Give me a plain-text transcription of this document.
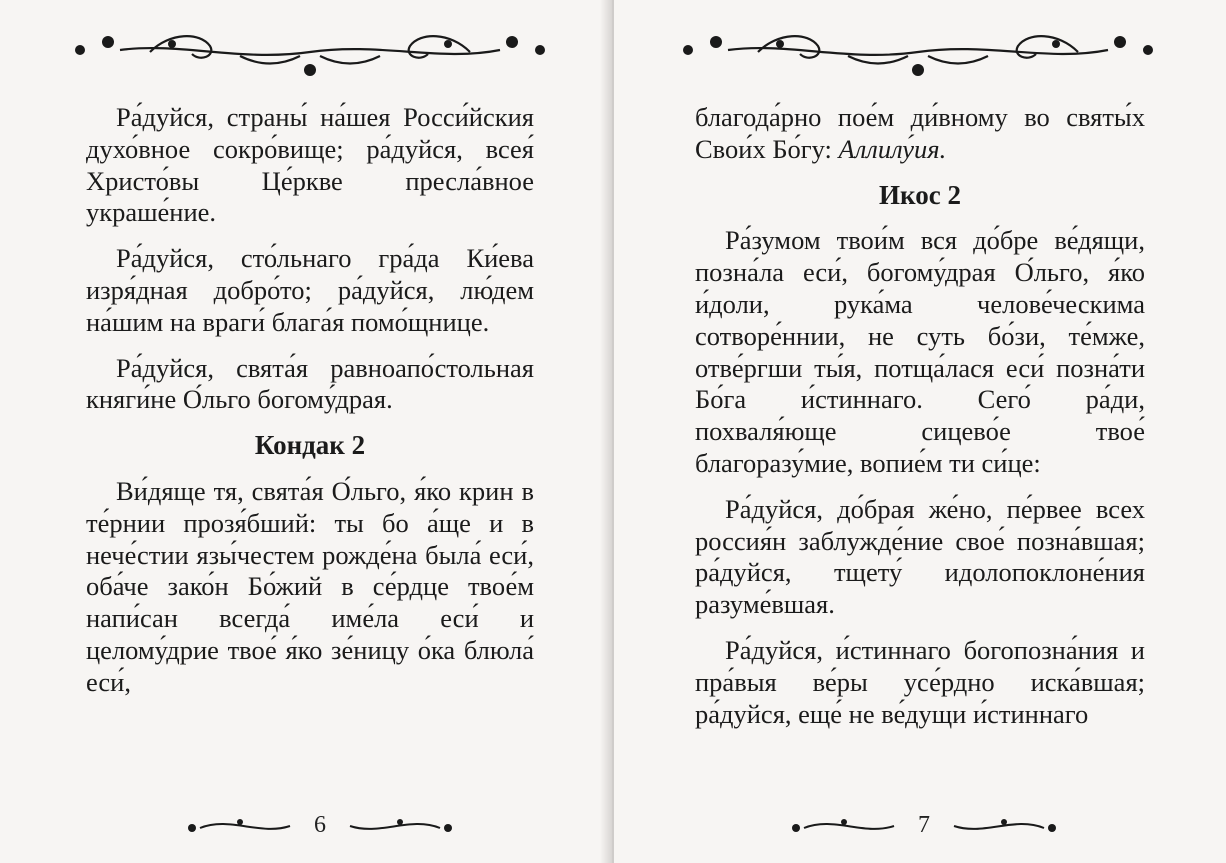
Ра́дуйся, страны́ на́шея Росси́йския духо́вное сокро́вище; ра́дуйся, всея́ Христо́вы Це́ркве пресла́вное украше́ние.

Ра́дуйся, сто́льнаго гра́да Ки́ева изря́дная добро́то; ра́дуйся, лю́дем на́шим на враги́ блага́я помо́щнице.

Ра́дуйся, свята́я равноапо́стольная княги́не О́льго богому́драя.

Кондак 2

Ви́дяще тя, свята́я О́льго, я́ко крин в те́рнии прозя́бший: ты бо а́ще и в нече́стии язы́честем рожде́на была́ еси́, оба́че зако́н Бо́жий в се́рдце твое́м напи́сан всегда́ име́ла еси́ и целому́дрие твое́ я́ко зе́ницу о́ка блюла́ еси́,

6

благода́рно пое́м ди́вному во святы́х Свои́х Бо́гу: Аллилу́ия.

Икос 2

Ра́зумом твои́м вся до́бре ве́дящи, позна́ла еси́, богому́драя О́льго, я́ко и́доли, рука́ма челове́ческима сотворе́ннии, не суть бо́зи, те́мже, отве́ргши ты́я, потща́лася еси́ позна́ти Бо́га и́стиннаго. Сего́ ра́ди, похваля́юще сицево́е твое́ благоразу́мие, вопие́м ти си́це:

Ра́дуйся, до́брая же́но, пе́рвее всех россия́н заблужде́ние свое́ позна́вшая; ра́дуйся, тщету́ идолопоклоне́ния разуме́вшая.

Ра́дуйся, и́стиннаго богопозна́ния и пра́выя ве́ры усе́рдно иска́вшая; ра́дуйся, еще́ не ве́дущи и́стиннаго

7
